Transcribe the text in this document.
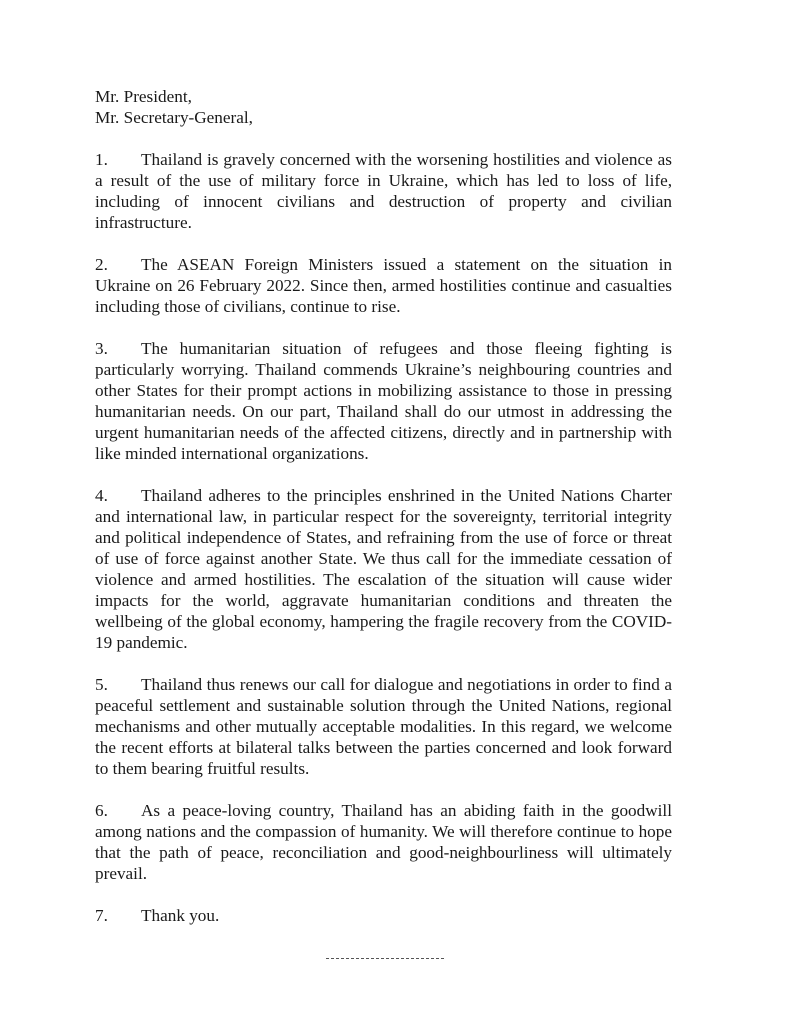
Mr. President,
Mr. Secretary-General,

1. Thailand is gravely concerned with the worsening hostilities and violence as a result of the use of military force in Ukraine, which has led to loss of life, including of innocent civilians and destruction of property and civilian infrastructure.

2. The ASEAN Foreign Ministers issued a statement on the situation in Ukraine on 26 February 2022. Since then, armed hostilities continue and casualties including those of civilians, continue to rise.

3. The humanitarian situation of refugees and those fleeing fighting is particularly worrying. Thailand commends Ukraine’s neighbouring countries and other States for their prompt actions in mobilizing assistance to those in pressing humanitarian needs. On our part, Thailand shall do our utmost in addressing the urgent humanitarian needs of the affected citizens, directly and in partnership with like minded international organizations.

4. Thailand adheres to the principles enshrined in the United Nations Charter and international law, in particular respect for the sovereignty, territorial integrity and political independence of States, and refraining from the use of force or threat of use of force against another State. We thus call for the immediate cessation of violence and armed hostilities. The escalation of the situation will cause wider impacts for the world, aggravate humanitarian conditions and threaten the wellbeing of the global economy, hampering the fragile recovery from the COVID-19 pandemic.

5. Thailand thus renews our call for dialogue and negotiations in order to find a peaceful settlement and sustainable solution through the United Nations, regional mechanisms and other mutually acceptable modalities. In this regard, we welcome the recent efforts at bilateral talks between the parties concerned and look forward to them bearing fruitful results.

6. As a peace-loving country, Thailand has an abiding faith in the goodwill among nations and the compassion of humanity. We will therefore continue to hope that the path of peace, reconciliation and good-neighbourliness will ultimately prevail.

7. Thank you.
